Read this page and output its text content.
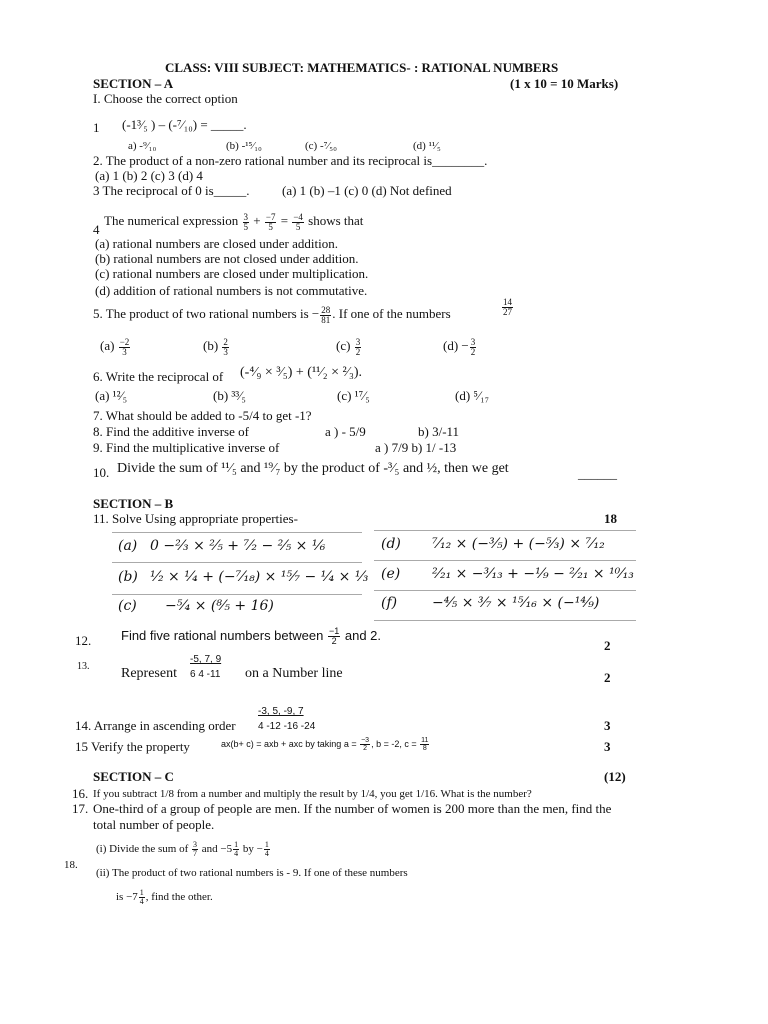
CLASS: VIII SUBJECT: MATHEMATICS- : RATIONAL NUMBERS
SECTION – A	(1 x 10 = 10 Marks)
I. Choose the correct option
1 (-1³⁄₅ ) – (-⁷⁄₁₀) = _____.
a) -⁹⁄₁₀	(b) -¹⁵⁄₁₀	(c) -⁷⁄₅₀	(d) ¹¹⁄₅
2. The product of a non-zero rational number and its reciprocal is________.
(a) 1 (b) 2 (c) 3 (d) 4
3 The reciprocal of 0 is_____.	(a) 1 (b) –1 (c) 0 (d) Not defined
4
The numerical expression $\frac{3}{5} + \frac{-7}{5} = \frac{-4}{5}$ shows that
(a) rational numbers are closed under addition.
(b) rational numbers are not closed under addition.
(c) rational numbers are closed under multiplication.
(d) addition of rational numbers is not commutative.
5. The product of two rational numbers is − $\frac{28}{81}$ . If one of the numbers	$\frac{14}{27}$
$(a) \frac{-2}{3}$	$(b) \frac{2}{3}$	$(c) \frac{3}{2}$	$(d) - \frac{3}{2}$
6. Write the reciprocal of (-⁴⁄₉ × ³⁄₅) + (¹¹⁄₂ × ²⁄₃).
(a) ¹²⁄₅	(b) ³³⁄₅	(c) ¹⁷⁄₅	(d) ⁵⁄₁₇
7. What should be added to -5/4 to get -1?
8. Find the additive inverse of	a ) - 5/9	b) 3/-11
9. Find the multiplicative inverse of	a ) 7/9 b) 1/ -13
10. Divide the sum of ¹¹⁄₅ and ¹⁹⁄₇ by the product of -³⁄₅ and ½, then we get	______
SECTION – B
11. Solve Using appropriate properties-	18
(a) 0 −²⁄₃ × ²⁄₅ + ⁷⁄₂ − ²⁄₅ × ¹⁄₆
(b) ¹⁄₂ × ¹⁄₄ + (−⁷⁄₁₈) × ¹⁵⁄₇ − ¹⁄₄ × ¹⁄₃
(c) −⁵⁄₄ × (⁸⁄₅ + 16)
(d) ⁷⁄₁₂ × (−³⁄₅) + (−⁵⁄₃) × ⁷⁄₁₂
(e) ²⁄₂₁ × −³⁄₁₃ + −¹⁄₉ − ²⁄₂₁ × ¹⁰⁄₁₃
(f) −⁴⁄₅ × ³⁄₇ × ¹⁵⁄₁₆ × (−¹⁴⁄₉)
12. Find five rational numbers between $\frac{-1}{2}$ and 2.
2
13.
-5, 7, 9
Represent 6 4 -11 on a Number line	2
-3, 5, -9, 7
14. Arrange in ascending order 4 -12 -16 -24	3
15 Verify the property	ax(b+ c) = axb + axc by taking $a = \frac{-3}{2}$ , b = -2, $c = \frac{11}{8}$	3
SECTION – C	(12)
16. If you subtract 1/8 from a number and multiply the result by 1/4, you get 1/16. What is the number?
17. One-third of a group of people are men. If the number of women is 200 more than the men, find the
total number of people.
18.
(i) Divide the sum of $\frac{3}{7}$ and $-5 \frac{1}{4}$ by − $\frac{1}{4}$
(ii) The product of two rational numbers is - 9. If one of these numbers
is $-7 \frac{1}{4}$ , find the other.
